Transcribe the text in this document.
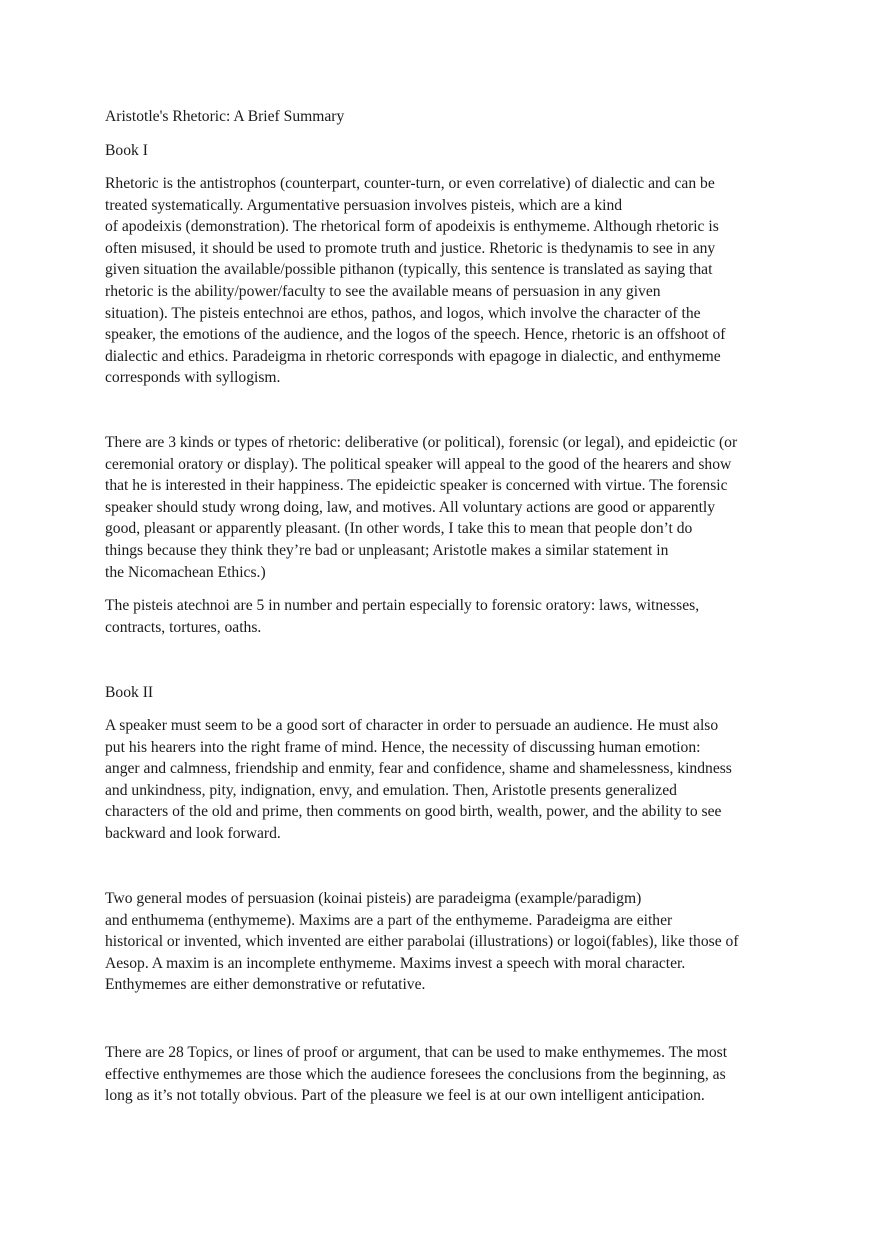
Aristotle's Rhetoric: A Brief Summary

Book I

Rhetoric is the antistrophos (counterpart, counter-turn, or even correlative) of dialectic and can be
treated systematically. Argumentative persuasion involves pisteis, which are a kind
of apodeixis (demonstration). The rhetorical form of apodeixis is enthymeme. Although rhetoric is
often misused, it should be used to promote truth and justice. Rhetoric is thedynamis to see in any
given situation the available/possible pithanon (typically, this sentence is translated as saying that
rhetoric is the ability/power/faculty to see the available means of persuasion in any given
situation). The pisteis entechnoi are ethos, pathos, and logos, which involve the character of the
speaker, the emotions of the audience, and the logos of the speech. Hence, rhetoric is an offshoot of
dialectic and ethics. Paradeigma in rhetoric corresponds with epagoge in dialectic, and enthymeme
corresponds with syllogism.
There are 3 kinds or types of rhetoric: deliberative (or political), forensic (or legal), and epideictic (or
ceremonial oratory or display). The political speaker will appeal to the good of the hearers and show
that he is interested in their happiness. The epideictic speaker is concerned with virtue. The forensic
speaker should study wrong doing, law, and motives. All voluntary actions are good or apparently
good, pleasant or apparently pleasant. (In other words, I take this to mean that people don’t do
things because they think they’re bad or unpleasant; Aristotle makes a similar statement in
the Nicomachean Ethics.)
The pisteis atechnoi are 5 in number and pertain especially to forensic oratory: laws, witnesses,
contracts, tortures, oaths.

Book II

A speaker must seem to be a good sort of character in order to persuade an audience. He must also
put his hearers into the right frame of mind. Hence, the necessity of discussing human emotion:
anger and calmness, friendship and enmity, fear and confidence, shame and shamelessness, kindness
and unkindness, pity, indignation, envy, and emulation. Then, Aristotle presents generalized
characters of the old and prime, then comments on good birth, wealth, power, and the ability to see
backward and look forward.
Two general modes of persuasion (koinai pisteis) are paradeigma (example/paradigm)
and enthumema (enthymeme). Maxims are a part of the enthymeme. Paradeigma are either
historical or invented, which invented are either parabolai (illustrations) or logoi(fables), like those of
Aesop. A maxim is an incomplete enthymeme. Maxims invest a speech with moral character.
Enthymemes are either demonstrative or refutative.
There are 28 Topics, or lines of proof or argument, that can be used to make enthymemes. The most
effective enthymemes are those which the audience foresees the conclusions from the beginning, as
long as it’s not totally obvious. Part of the pleasure we feel is at our own intelligent anticipation.
